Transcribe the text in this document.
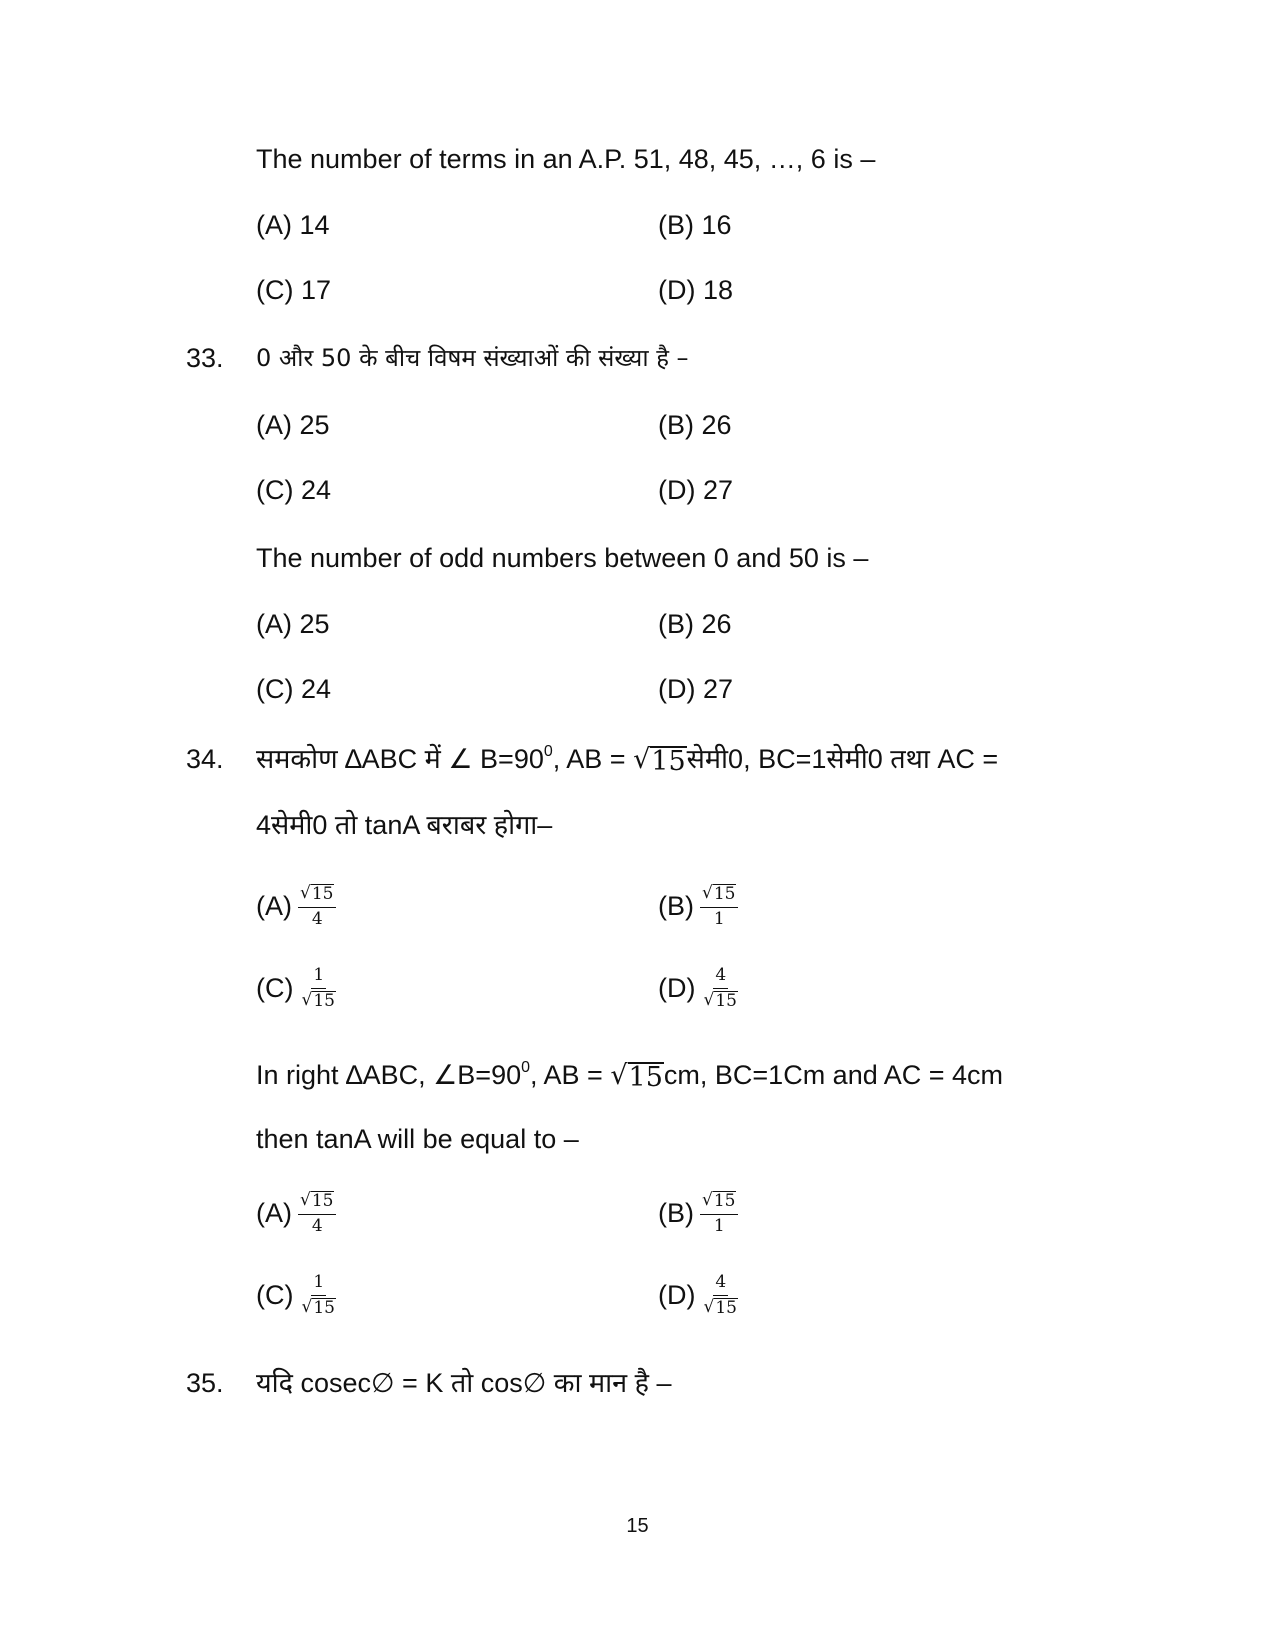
The number of terms in an A.P. 51, 48, 45, …, 6 is –
(A) 14	(B) 16
(C) 17	(D) 18
33. 0 और 50 के बीच विषम संख्याओं की संख्या है –
(A) 25	(B) 26
(C) 24	(D) 27
The number of odd numbers between 0 and 50 is –
(A) 25	(B) 26
(C) 24	(D) 27
34. समकोण ∆ABC में ∠ $B=90^0$, AB = √ 15 सेमी0, BC=1सेमी0 तथा AC =
4सेमी0 तो tanA बराबर होगा–
$(A) \frac{√ 15}{4}$	$(B) \frac{√ 15}{1}$
$(C) \frac{1}{√ 15}$	$(D) \frac{4}{√ 15}$
In right ∆ABC, $\angle B=90^0$, AB = √ 15 cm, BC=1Cm and AC = 4cm
then tanA will be equal to –
$(A) \frac{√ 15}{4}$	$(B) \frac{√ 15}{1}$
$(C) \frac{1}{√ 15}$	$(D) \frac{4}{√ 15}$
35. यदि cosec∅ = K तो cos∅ का मान है –
15
